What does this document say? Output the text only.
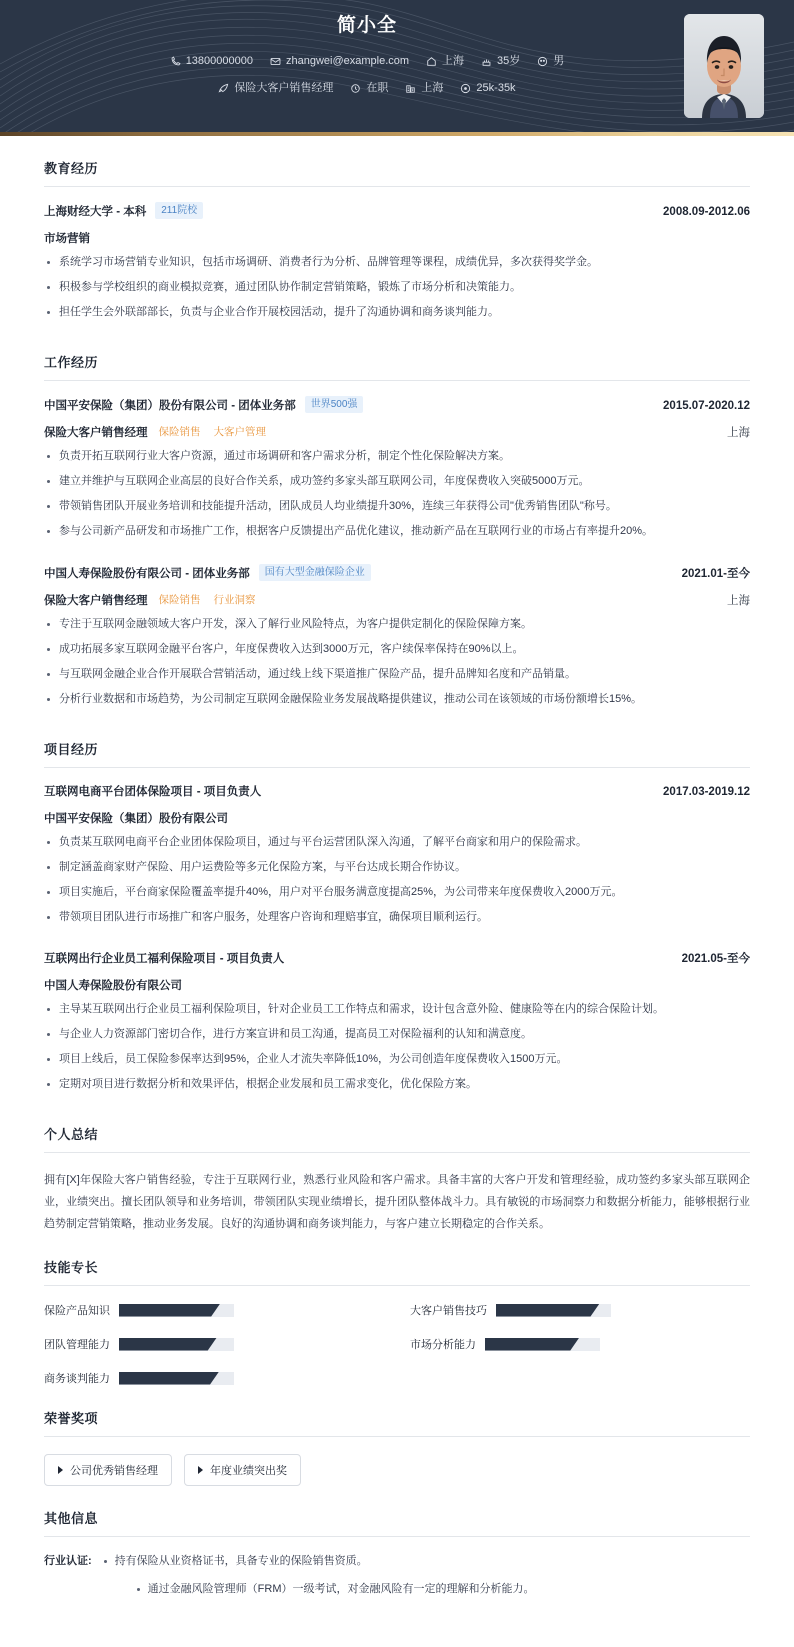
简小全
13800000000	zhangwei@example.com	上海	35岁	男
保险大客户销售经理	在职	上海	25k-35k
教育经历
上海财经大学 - 本科	211院校	2008.09-2012.06
市场营销
系统学习市场营销专业知识，包括市场调研、消费者行为分析、品牌管理等课程，成绩优异，多次获得奖学金。
积极参与学校组织的商业模拟竞赛，通过团队协作制定营销策略，锻炼了市场分析和决策能力。
担任学生会外联部部长，负责与企业合作开展校园活动，提升了沟通协调和商务谈判能力。
工作经历
中国平安保险（集团）股份有限公司 - 团体业务部	世界500强	2015.07-2020.12
保险大客户销售经理 保险销售 大客户管理	上海
负责开拓互联网行业大客户资源，通过市场调研和客户需求分析，制定个性化保险解决方案。
建立并维护与互联网企业高层的良好合作关系，成功签约多家头部互联网公司，年度保费收入突破5000万元。
带领销售团队开展业务培训和技能提升活动，团队成员人均业绩提升30%，连续三年获得公司"优秀销售团队"称号。
参与公司新产品研发和市场推广工作，根据客户反馈提出产品优化建议，推动新产品在互联网行业的市场占有率提升20%。
中国人寿保险股份有限公司 - 团体业务部	国有大型金融保险企业	2021.01-至今
保险大客户销售经理 保险销售 行业洞察	上海
专注于互联网金融领域大客户开发，深入了解行业风险特点，为客户提供定制化的保险保障方案。
成功拓展多家互联网金融平台客户，年度保费收入达到3000万元，客户续保率保持在90%以上。
与互联网金融企业合作开展联合营销活动，通过线上线下渠道推广保险产品，提升品牌知名度和产品销量。
分析行业数据和市场趋势，为公司制定互联网金融保险业务发展战略提供建议，推动公司在该领域的市场份额增长15%。
项目经历
互联网电商平台团体保险项目 - 项目负责人	2017.03-2019.12
中国平安保险（集团）股份有限公司
负责某互联网电商平台企业团体保险项目，通过与平台运营团队深入沟通，了解平台商家和用户的保险需求。
制定涵盖商家财产保险、用户运费险等多元化保险方案，与平台达成长期合作协议。
项目实施后，平台商家保险覆盖率提升40%，用户对平台服务满意度提高25%，为公司带来年度保费收入2000万元。
带领项目团队进行市场推广和客户服务，处理客户咨询和理赔事宜，确保项目顺利运行。
互联网出行企业员工福利保险项目 - 项目负责人	2021.05-至今
中国人寿保险股份有限公司
主导某互联网出行企业员工福利保险项目，针对企业员工工作特点和需求，设计包含意外险、健康险等在内的综合保险计划。
与企业人力资源部门密切合作，进行方案宣讲和员工沟通，提高员工对保险福利的认知和满意度。
项目上线后，员工保险参保率达到95%，企业人才流失率降低10%，为公司创造年度保费收入1500万元。
定期对项目进行数据分析和效果评估，根据企业发展和员工需求变化，优化保险方案。
个人总结
拥有[X]年保险大客户销售经验，专注于互联网行业，熟悉行业风险和客户需求。具备丰富的大客户开发和管理经验，成功签约多家头部互联网企业，业绩突出。擅长团队领导和业务培训，带领团队实现业绩增长，提升团队整体战斗力。具有敏锐的市场洞察力和数据分析能力，能够根据行业趋势制定营销策略，推动业务发展。良好的沟通协调和商务谈判能力，与客户建立长期稳定的合作关系。
技能专长
保险产品知识	大客户销售技巧
团队管理能力	市场分析能力
商务谈判能力
荣誉奖项
公司优秀销售经理	年度业绩突出奖
其他信息
行业认证:	持有保险从业资格证书，具备专业的保险销售资质。
通过金融风险管理师（FRM）一级考试，对金融风险有一定的理解和分析能力。
